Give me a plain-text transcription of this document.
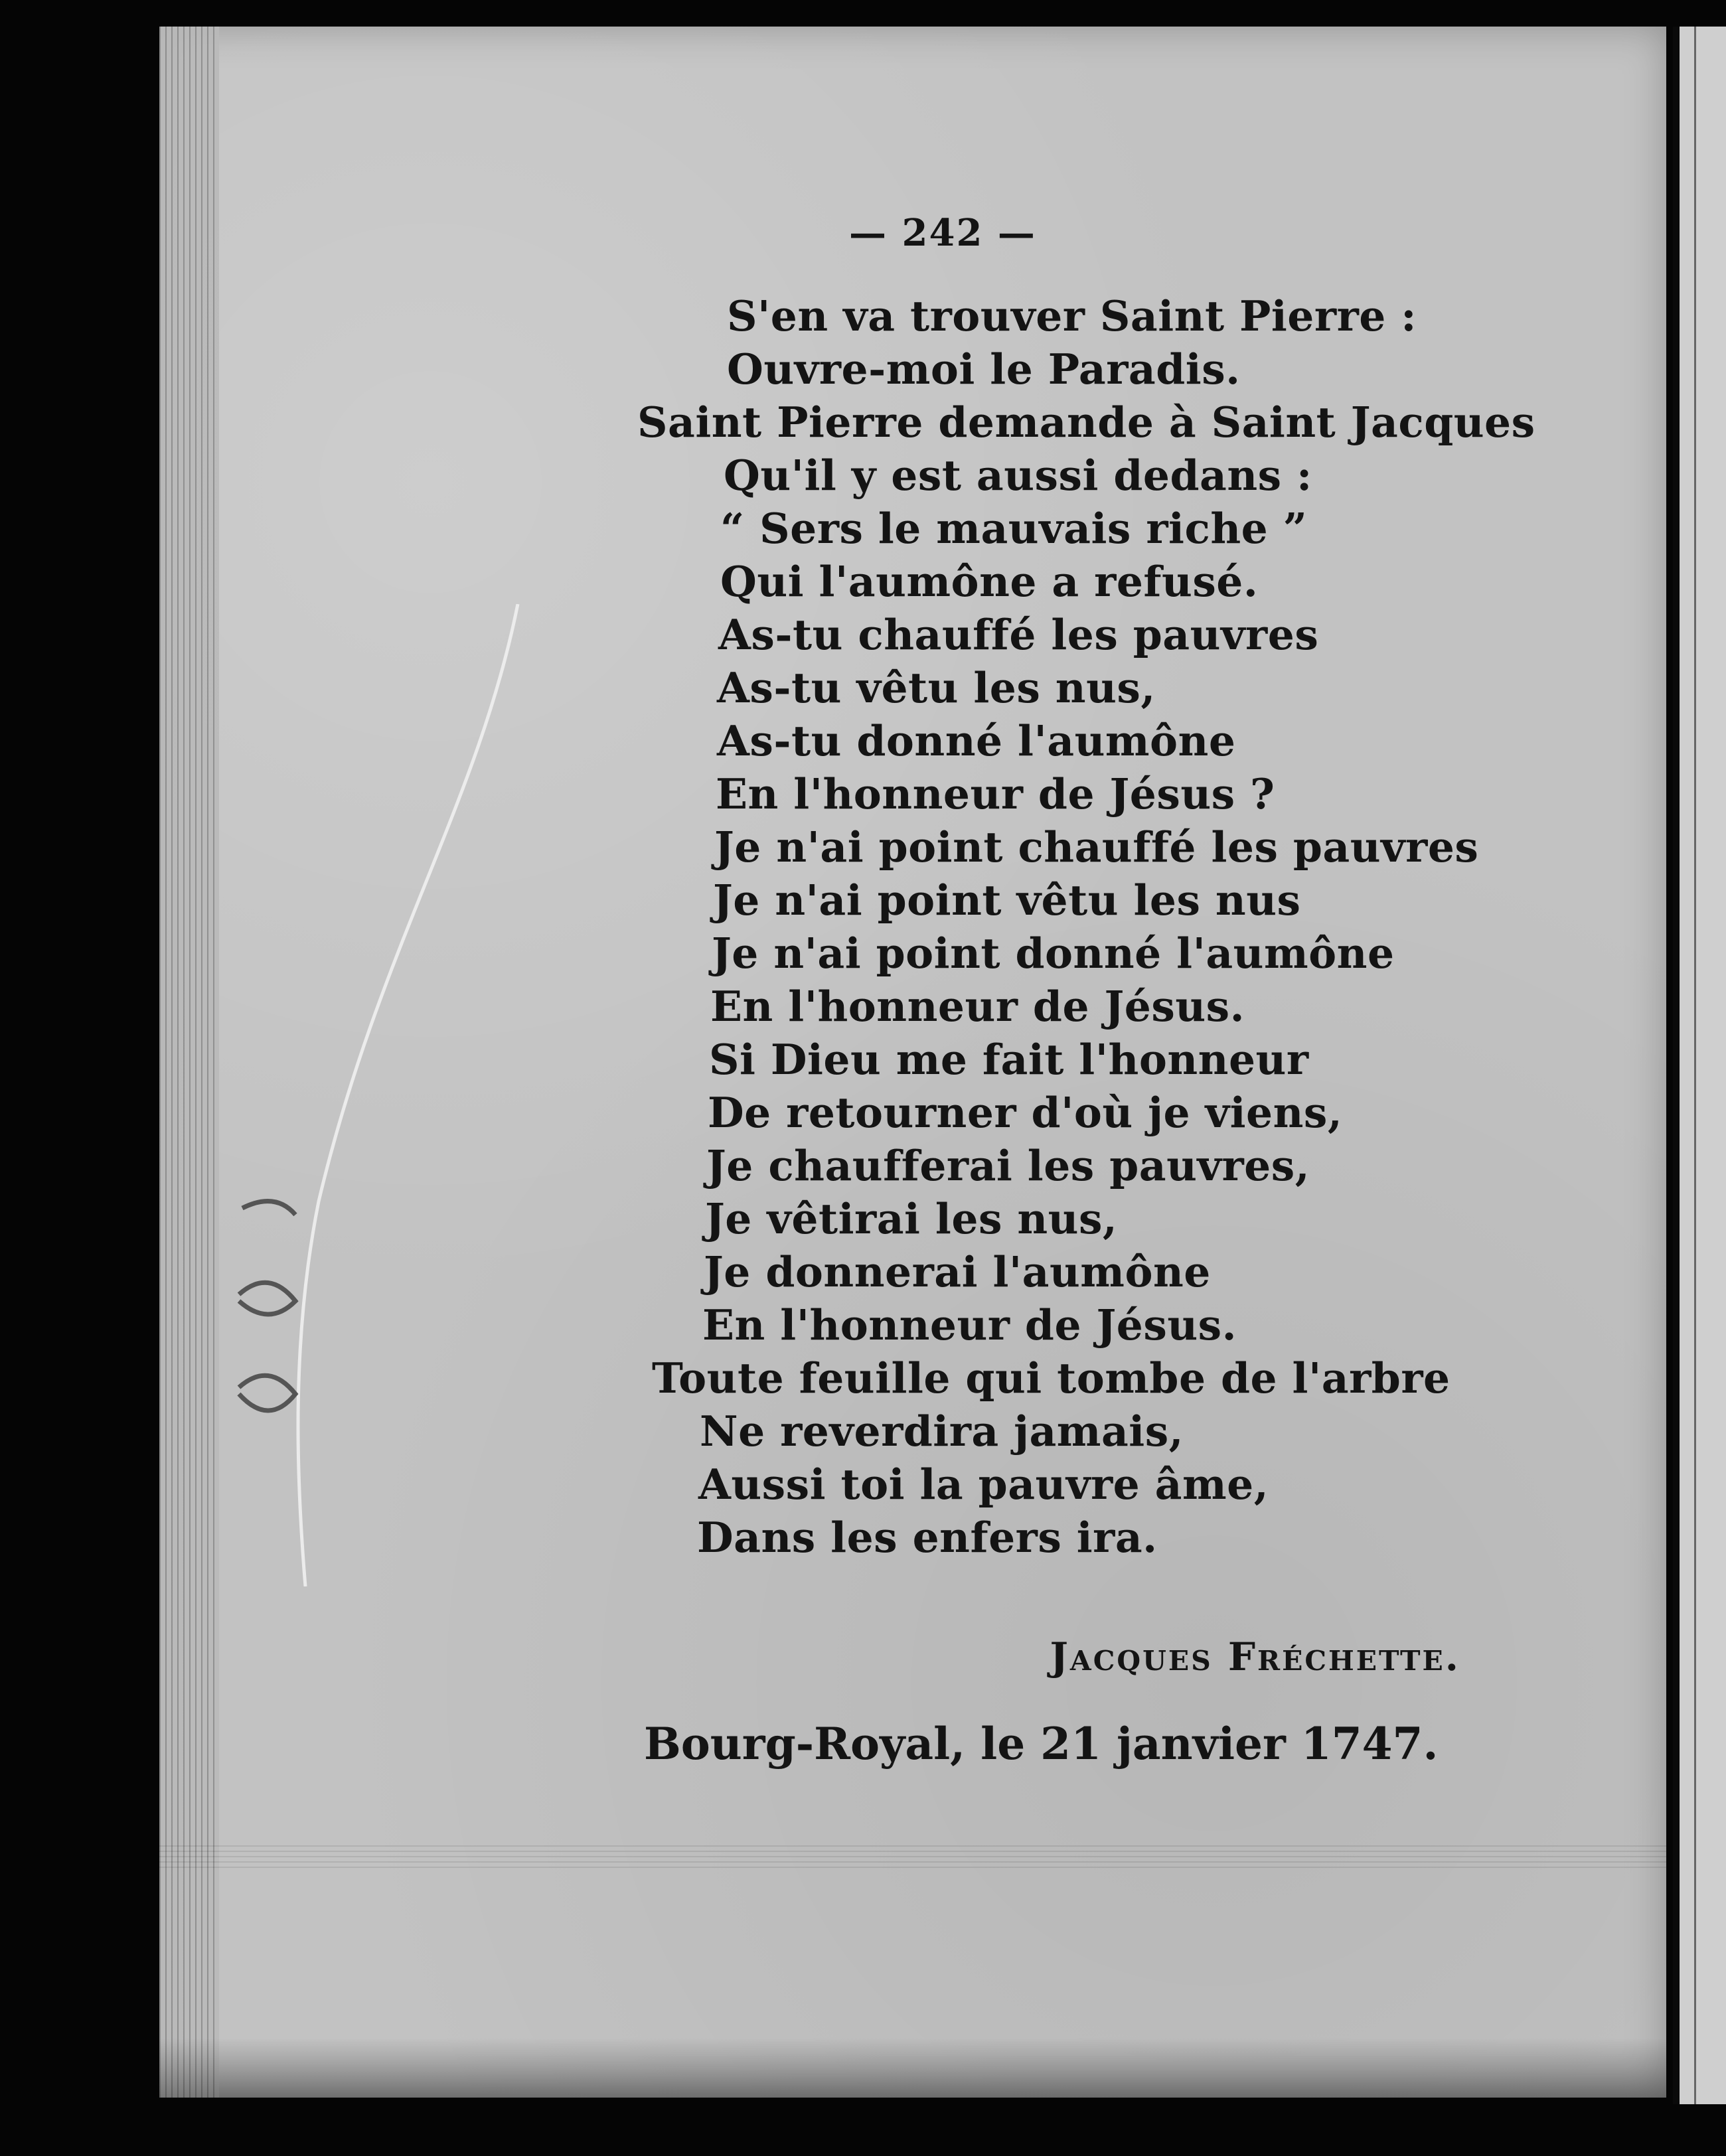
— 242 —
S'en va trouver Saint Pierre :
Ouvre-moi le Paradis.
Saint Pierre demande à Saint Jacques
Qu'il y est aussi dedans :
“ Sers le mauvais riche ”
Qui l'aumône a refusé.
As-tu chauffé les pauvres
As-tu vêtu les nus,
As-tu donné l'aumône
En l'honneur de Jésus ?
Je n'ai point chauffé les pauvres
Je n'ai point vêtu les nus
Je n'ai point donné l'aumône
En l'honneur de Jésus.
Si Dieu me fait l'honneur
De retourner d'où je viens,
Je chaufferai les pauvres,
Je vêtirai les nus,
Je donnerai l'aumône
En l'honneur de Jésus.
Toute feuille qui tombe de l'arbre
Ne reverdira jamais,
Aussi toi la pauvre âme,
Dans les enfers ira.
Jacques Fréchette.
Bourg-Royal, le 21 janvier 1747.
